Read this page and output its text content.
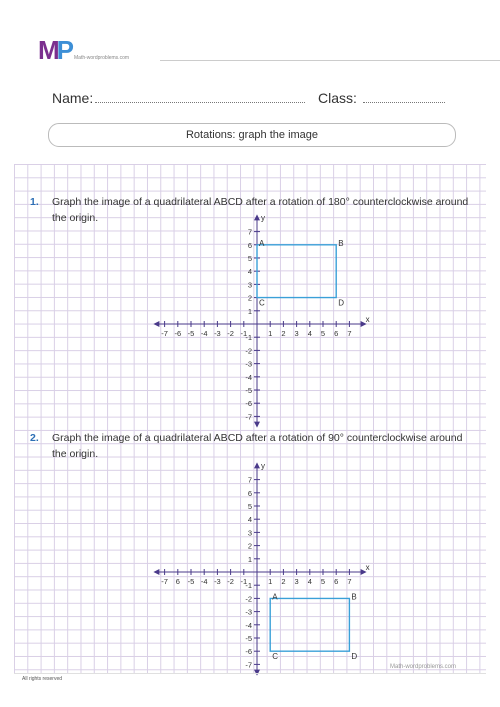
MP Math-wordproblems.com
Name:	Class:
Rotations: graph the image
1. Graph the image of a quadrilateral ABCD after a rotation of 180° counterclockwise around the origin.
2. Graph the image of a quadrilateral ABCD after a rotation of 90° counterclockwise around the origin.
x
y
-7 -6 -5 -4 -3 -2 -1	1 2 3 4 5 6 7
7
6
5
4
3
2
1
-1
-2
-3
-4
-5
-6
-7
A	B
D
C
x
y
-7 6 -5 -4 -3 -2 -1	1 2 3 4 5 6 7
7
6
5
4
3
2
1
-1
-2
-3
-4
-5
-6
-7
A	B
D
C
All rights reserved
Math-wordproblems.com
